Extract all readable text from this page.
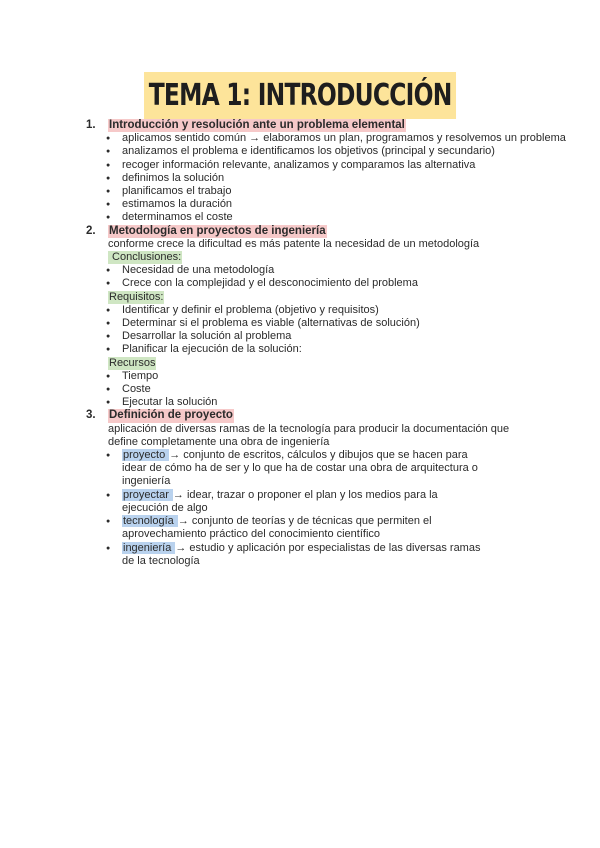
TEMA 1: INTRODUCCIÓN
1.	Introducción y resolución ante un problema elemental
● aplicamos sentido común → elaboramos un plan, programamos y resolvemos un problema
● analizamos el problema e identificamos los objetivos (principal y secundario)
● recoger información relevante, analizamos y comparamos las alternativa
● definimos la solución
● planificamos el trabajo
● estimamos la duración
● determinamos el coste
2.	Metodología en proyectos de ingeniería
conforme crece la dificultad es más patente la necesidad de un metodología
Conclusiones:
● Necesidad de una metodología
● Crece con la complejidad y el desconocimiento del problema
Requisitos:
● Identificar y definir el problema (objetivo y requisitos)
● Determinar si el problema es viable (alternativas de solución)
● Desarrollar la solución al problema
● Planificar la ejecución de la solución:
Recursos
● Tiempo
● Coste
● Ejecutar la solución
3.	Definición de proyecto
aplicación de diversas ramas de la tecnología para producir la documentación que define completamente una obra de ingeniería
● proyecto → conjunto de escritos, cálculos y dibujos que se hacen para idear de cómo ha de ser y lo que ha de costar una obra de arquitectura o ingeniería
● proyectar → idear, trazar o proponer el plan y los medios para la ejecución de algo
● tecnología → conjunto de teorías y de técnicas que permiten el aprovechamiento práctico del conocimiento científico
● ingeniería → estudio y aplicación por especialistas de las diversas ramas de la tecnología
